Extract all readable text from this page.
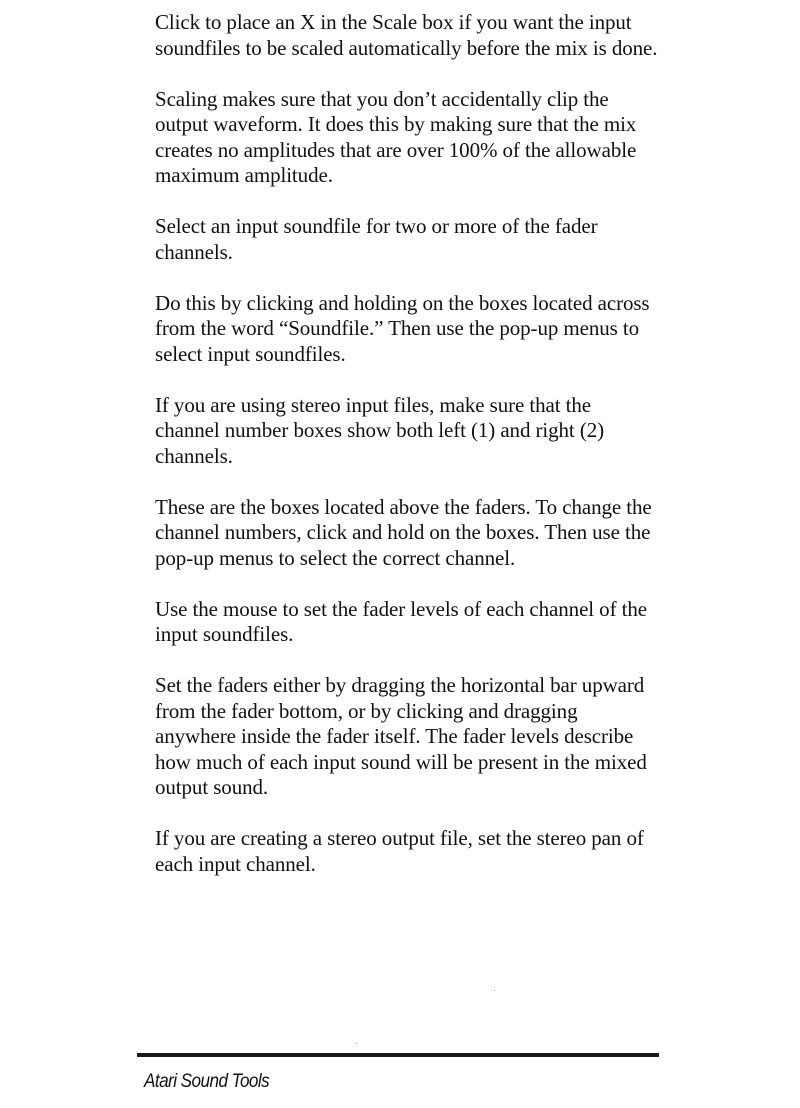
Click to place an X in the Scale box if you want the input soundfiles to be scaled automatically before the mix is done.

Scaling makes sure that you don’t accidentally clip the output waveform. It does this by making sure that the mix creates no amplitudes that are over 100% of the allowable maximum amplitude.

Select an input soundfile for two or more of the fader channels.

Do this by clicking and holding on the boxes located across from the word “Soundfile.” Then use the pop-up menus to select input soundfiles.

If you are using stereo input files, make sure that the channel number boxes show both left (1) and right (2) channels.

These are the boxes located above the faders. To change the channel numbers, click and hold on the boxes. Then use the pop-up menus to select the correct channel.

Use the mouse to set the fader levels of each channel of the input soundfiles.

Set the faders either by dragging the horizontal bar upward from the fader bottom, or by clicking and dragging anywhere inside the fader itself. The fader levels describe how much of each input sound will be present in the mixed output sound.

If you are creating a stereo output file, set the stereo pan of each input channel.

Atari Sound Tools
